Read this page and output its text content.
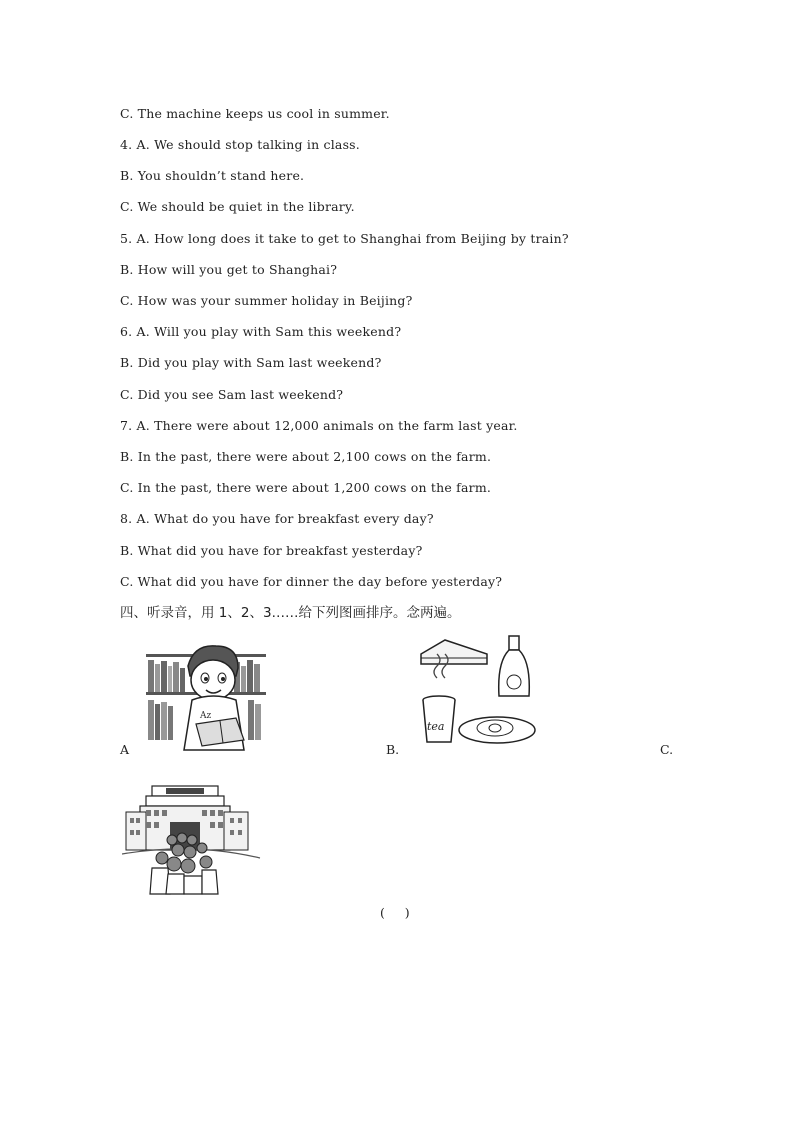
C. The machine keeps us cool in summer.
4. A. We should stop talking in class.
B. You shouldn’t stand here.
C. We should be quiet in the library.
5. A. How long does it take to get to Shanghai from Beijing by train?
B. How will you get to Shanghai?
C. How was your summer holiday in Beijing?
6. A. Will you play with Sam this weekend?
B. Did you play with Sam last weekend?
C. Did you see Sam last weekend?
7. A. There were about 12,000 animals on the farm last year.
B. In the past, there were about 2,100 cows on the farm.
C. In the past, there were about 1,200 cows on the farm.
8. A. What do you have for breakfast every day?
B. What did you have for breakfast yesterday?
C. What did you have for dinner the day before yesterday?
四、听录音，用 1、2、3……给下列图画排序。念两遍。
A
Az
B.
tea
C.
(     )
